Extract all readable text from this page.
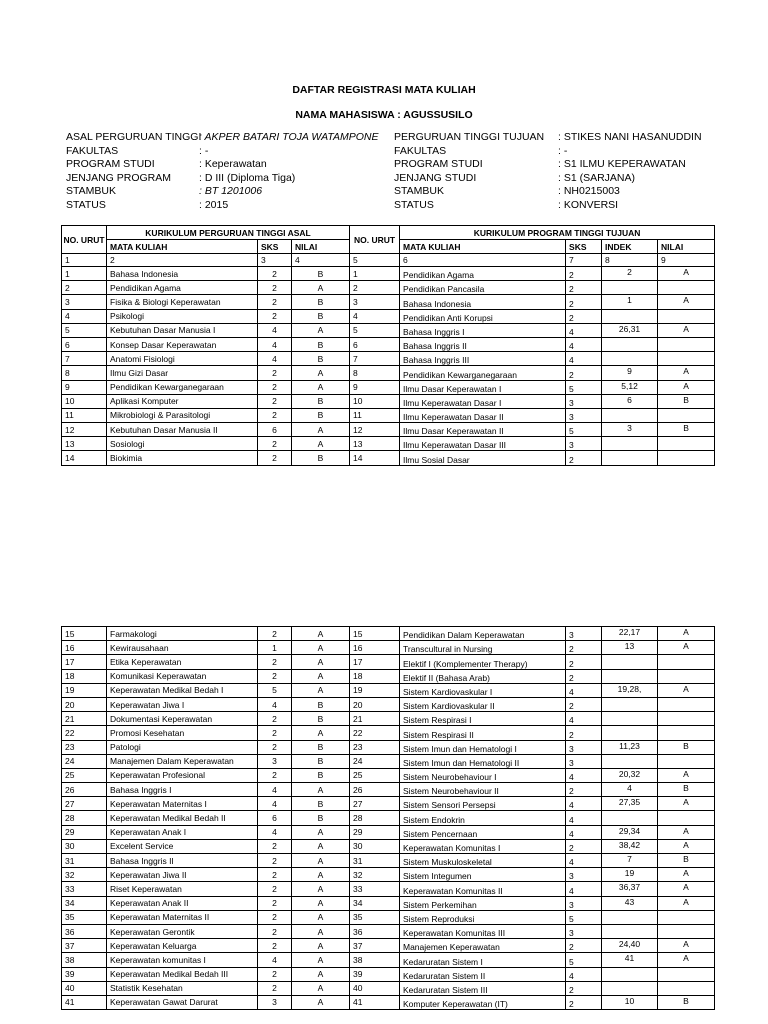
DAFTAR REGISTRASI MATA KULIAH
NAMA MAHASISWA : AGUSSUSILO
ASAL PERGURUAN TINGGI: AKPER BATARI TOJA WATAMPONE
FAKULTAS	: -
PROGRAM STUDI	: Keperawatan
JENJANG PROGRAM	: D III (Diploma Tiga)
STAMBUK	: BT 1201006
STATUS	: 2015
PERGURUAN TINGGI TUJUAN : STIKES NANI HASANUDDIN
FAKULTAS	: -
PROGRAM STUDI	: S1 ILMU KEPERAWATAN
JENJANG STUDI	: S1 (SARJANA)
STAMBUK	: NH0215003
STATUS	: KONVERSI
NO. URUT	KURIKULUM PERGURUAN TINGGI ASAL			NO. URUT	KURIKULUM PROGRAM TINGGI TUJUAN			
	MATA KULIAH	SKS	NILAI		MATA KULIAH	SKS	INDEK	NILAI
1	2	3	4	5	6	7	8	9
1	Bahasa Indonesia	2	B	1	Pendidikan Agama	2	2	A
2	Pendidikan Agama	2	A	2	Pendidikan Pancasila	2		
3	Fisika & Biologi Keperawatan	2	B	3	Bahasa Indonesia	2	1	A
4	Psikologi	2	B	4	Pendidikan Anti Korupsi	2		
5	Kebutuhan Dasar Manusia I	4	A	5	Bahasa Inggris I	4	26,31	A
6	Konsep Dasar Keperawatan	4	B	6	Bahasa Inggris II	4		
7	Anatomi Fisiologi	4	B	7	Bahasa Inggris III	4		
8	Ilmu Gizi Dasar	2	A	8	Pendidikan Kewarganegaraan	2	9	A
9	Pendidikan Kewarganegaraan	2	A	9	Ilmu Dasar Keperawatan I	5	5,12	A
10	Aplikasi Komputer	2	B	10	Ilmu Keperawatan Dasar I	3	6	B
11	Mikrobiologi & Parasitologi	2	B	11	Ilmu Keperawatan Dasar II	3		
12	Kebutuhan Dasar Manusia II	6	A	12	Ilmu Dasar Keperawatan II	5	3	B
13	Sosiologi	2	A	13	Ilmu Keperawatan Dasar III	3		
14	Biokimia	2	B	14	Ilmu Sosial Dasar	2		
15	Farmakologi	2	A	15	Pendidikan Dalam Keperawatan	3	22,17	A
16	Kewirausahaan	1	A	16	Transcultural in Nursing	2	13	A
17	Etika Keperawatan	2	A	17	Elektif I (Komplementer Therapy)	2		
18	Komunikasi Keperawatan	2	A	18	Elektif II (Bahasa Arab)	2		
19	Keperawatan Medikal Bedah I	5	A	19	Sistem Kardiovaskular I	4	19,28,	A
20	Keperawatan Jiwa I	4	B	20	Sistem Kardiovaskular II	2		
21	Dokumentasi Keperawatan	2	B	21	Sistem Respirasi I	4		
22	Promosi Kesehatan	2	A	22	Sistem Respirasi II	2		
23	Patologi	2	B	23	Sistem Imun dan Hematologi I	3	11,23	B
24	Manajemen Dalam Keperawatan	3	B	24	Sistem Imun dan Hematologi II	3		
25	Keperawatan Profesional	2	B	25	Sistem Neurobehaviour I	4	20,32	A
26	Bahasa Inggris I	4	A	26	Sistem Neurobehaviour II	2	4	B
27	Keperawatan Maternitas I	4	B	27	Sistem Sensori Persepsi	4	27,35	A
28	Keperawatan Medikal Bedah II	6	B	28	Sistem Endokrin	4		
29	Keperawatan Anak I	4	A	29	Sistem Pencernaan	4	29,34	A
30	Excelent Service	2	A	30	Keperawatan Komunitas I	2	38,42	A
31	Bahasa Inggris II	2	A	31	Sistem Muskuloskeletal	4	7	B
32	Keperawatan Jiwa II	2	A	32	Sistem Integumen	3	19	A
33	Riset Keperawatan	2	A	33	Keperawatan Komunitas II	4	36,37	A
34	Keperawatan Anak II	2	A	34	Sistem Perkemihan	3	43	A
35	Keperawatan Maternitas II	2	A	35	Sistem Reproduksi	5		
36	Keperawatan Gerontik	2	A	36	Keperawatan Komunitas III	3		
37	Keperawatan Keluarga	2	A	37	Manajemen Keperawatan	2	24,40	A
38	Keperawatan komunitas I	4	A	38	Kedaruratan Sistem I	5	41	A
39	Keperawatan Medikal Bedah III	2	A	39	Kedaruratan Sistem II	4		
40	Statistik Kesehatan	2	A	40	Kedaruratan Sistem III	2		
41	Keperawatan Gawat Darurat	3	A	41	Komputer Keperawatan (IT)	2	10	B
